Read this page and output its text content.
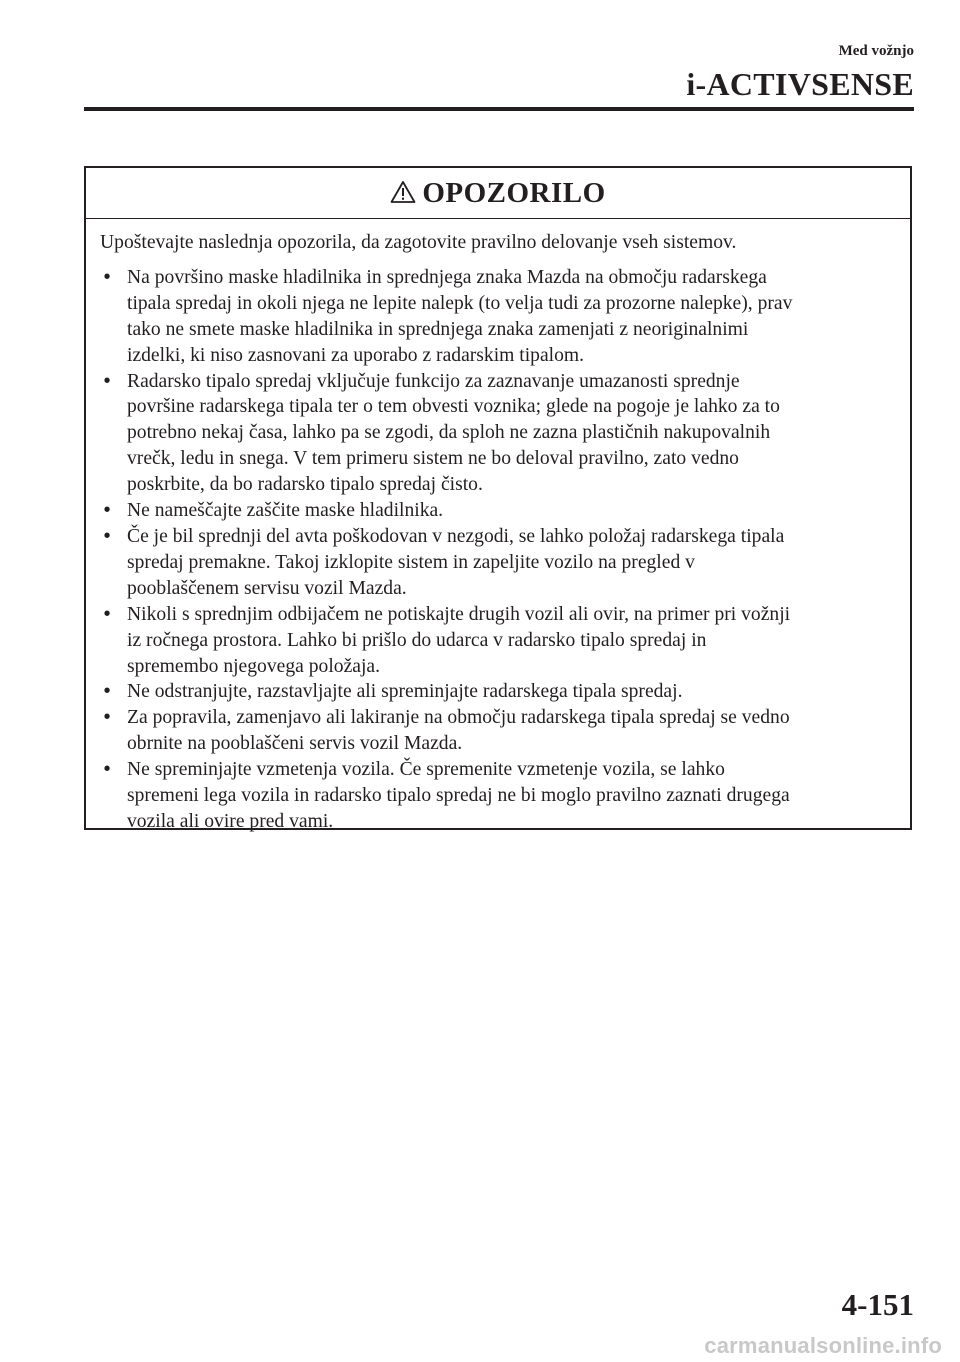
Med vožnjo
i-ACTIVSENSE
OPOZORILO

Upoštevajte naslednja opozorila, da zagotovite pravilno delovanje vseh sistemov.

• Na površino maske hladilnika in sprednjega znaka Mazda na območju radarskega
tipala spredaj in okoli njega ne lepite nalepk (to velja tudi za prozorne nalepke), prav
tako ne smete maske hladilnika in sprednjega znaka zamenjati z neoriginalnimi
izdelki, ki niso zasnovani za uporabo z radarskim tipalom.
• Radarsko tipalo spredaj vključuje funkcijo za zaznavanje umazanosti sprednje
površine radarskega tipala ter o tem obvesti voznika; glede na pogoje je lahko za to
potrebno nekaj časa, lahko pa se zgodi, da sploh ne zazna plastičnih nakupovalnih
vrečk, ledu in snega. V tem primeru sistem ne bo deloval pravilno, zato vedno
poskrbite, da bo radarsko tipalo spredaj čisto.
• Ne nameščajte zaščite maske hladilnika.
• Če je bil sprednji del avta poškodovan v nezgodi, se lahko položaj radarskega tipala
spredaj premakne. Takoj izklopite sistem in zapeljite vozilo na pregled v
pooblaščenem servisu vozil Mazda.
• Nikoli s sprednjim odbijačem ne potiskajte drugih vozil ali ovir, na primer pri vožnji
iz ročnega prostora. Lahko bi prišlo do udarca v radarsko tipalo spredaj in
spremembo njegovega položaja.
• Ne odstranjujte, razstavljajte ali spreminjajte radarskega tipala spredaj.
• Za popravila, zamenjavo ali lakiranje na območju radarskega tipala spredaj se vedno
obrnite na pooblaščeni servis vozil Mazda.
• Ne spreminjajte vzmetenja vozila. Če spremenite vzmetenje vozila, se lahko
spremeni lega vozila in radarsko tipalo spredaj ne bi moglo pravilno zaznati drugega
vozila ali ovire pred vami.
4-151
carmanualsonline.info
